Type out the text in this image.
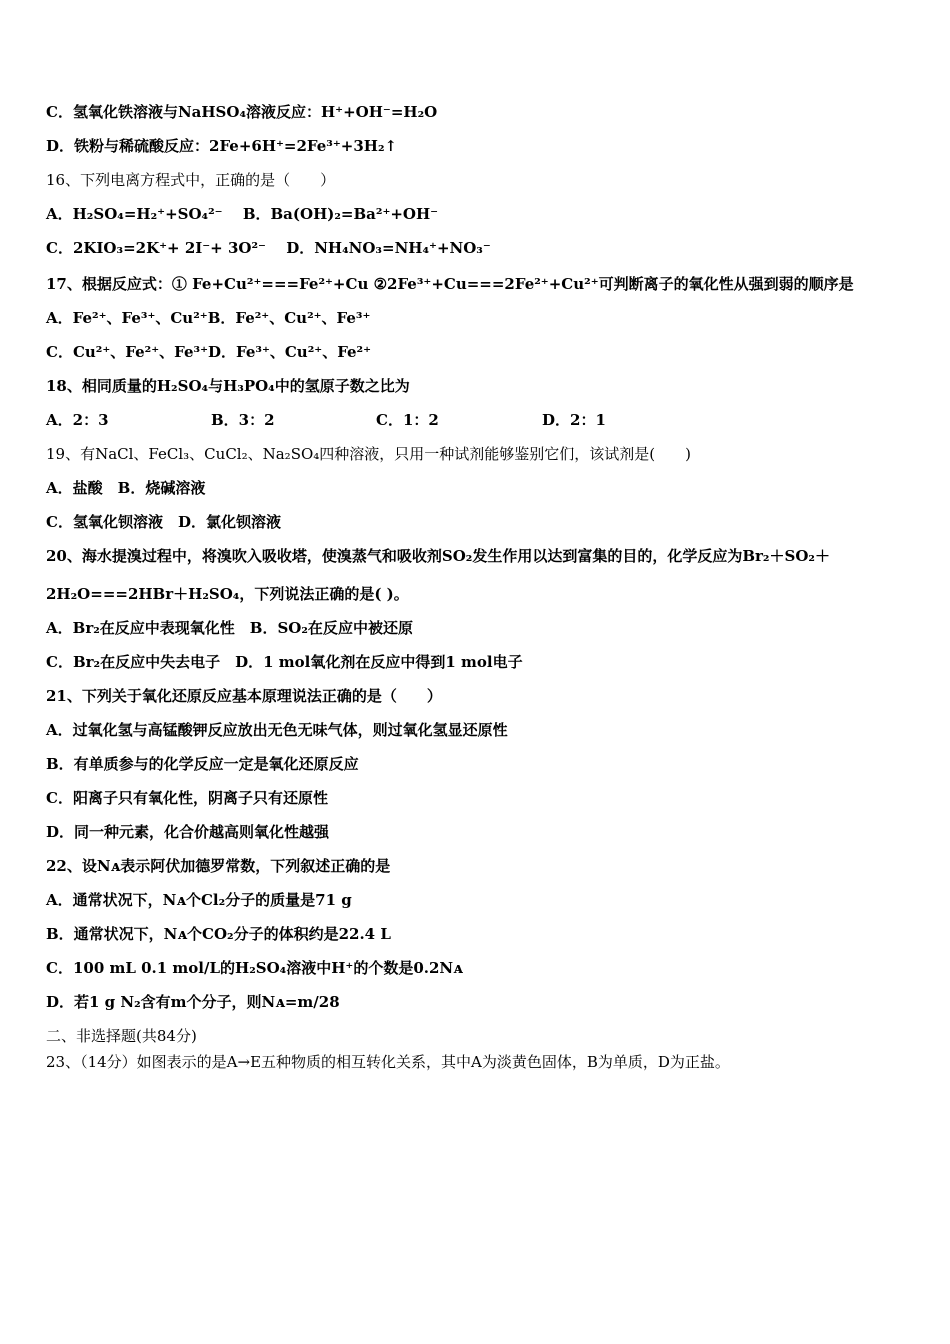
C．氢氧化铁溶液与NaHSO₄溶液反应：H⁺+OH⁻=H₂O
D．铁粉与稀硫酸反应：2Fe+6H⁺=2Fe³⁺+3H₂↑
16、下列电离方程式中，正确的是（　　）
A．H₂SO₄=H₂⁺+SO₄²⁻　 B．Ba(OH)₂=Ba²⁺+OH⁻
C．2KIO₃=2K⁺+ 2I⁻+ 3O²⁻　 D．NH₄NO₃=NH₄⁺+NO₃⁻
17、根据反应式：① Fe+Cu²⁺===Fe²⁺+Cu ②2Fe³⁺+Cu===2Fe²⁺+Cu²⁺可判断离子的氧化性从强到弱的顺序是
A．Fe²⁺、Fe³⁺、Cu²⁺B．Fe²⁺、Cu²⁺、Fe³⁺
C．Cu²⁺、Fe²⁺、Fe³⁺D．Fe³⁺、Cu²⁺、Fe²⁺
18、相同质量的H₂SO₄与H₃PO₄中的氢原子数之比为
A．2：3	B．3：2	C．1：2	D．2：1
19、有NaCl、FeCl₃、CuCl₂、Na₂SO₄四种溶液，只用一种试剂能够鉴别它们，该试剂是(　　)
A．盐酸　B．烧碱溶液
C．氢氧化钡溶液　D．氯化钡溶液
20、海水提溴过程中，将溴吹入吸收塔，使溴蒸气和吸收剂SO₂发生作用以达到富集的目的，化学反应为Br₂＋SO₂＋
2H₂O===2HBr＋H₂SO₄，下列说法正确的是( )。
A．Br₂在反应中表现氧化性　B．SO₂在反应中被还原
C．Br₂在反应中失去电子　D．1 mol氧化剂在反应中得到1 mol电子
21、下列关于氧化还原反应基本原理说法正确的是（　　）
A．过氧化氢与高锰酸钾反应放出无色无味气体，则过氧化氢显还原性
B．有单质参与的化学反应一定是氧化还原反应
C．阳离子只有氧化性，阴离子只有还原性
D．同一种元素，化合价越高则氧化性越强
22、设Nᴀ表示阿伏加德罗常数，下列叙述正确的是
A．通常状况下，Nᴀ个Cl₂分子的质量是71 g
B．通常状况下，Nᴀ个CO₂分子的体积约是22.4 L
C．100 mL 0.1 mol/L的H₂SO₄溶液中H⁺的个数是0.2Nᴀ
D．若1 g N₂含有m个分子，则Nᴀ=m/28
二、非选择题(共84分)
23、（14分）如图表示的是A→E五种物质的相互转化关系，其中A为淡黄色固体，B为单质，D为正盐。
